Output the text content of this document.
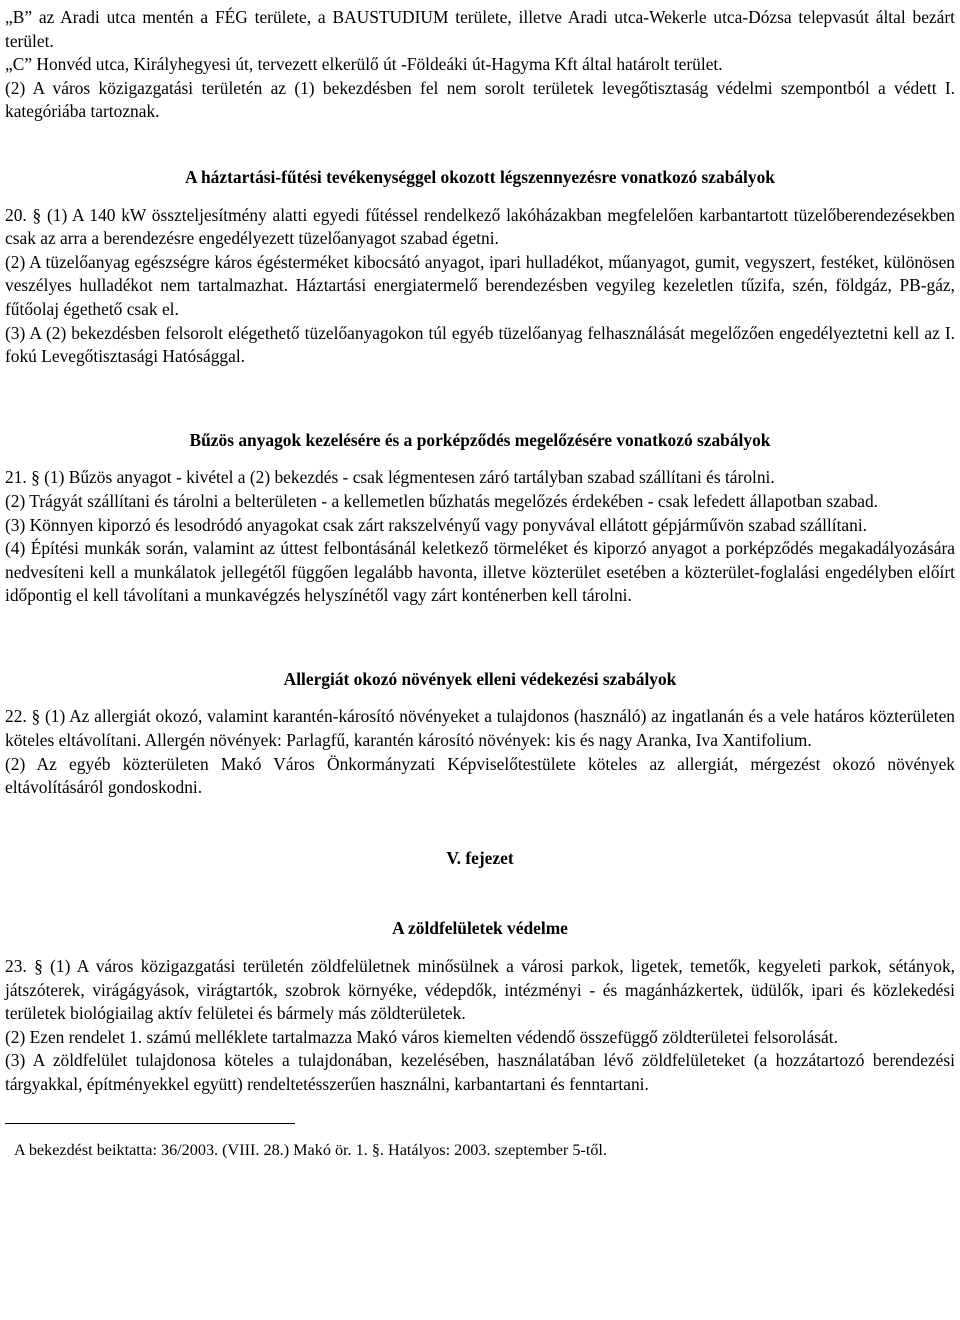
„B” az Aradi utca mentén a FÉG területe, a BAUSTUDIUM területe, illetve Aradi utca-Wekerle utca-Dózsa telepvasút által bezárt terület.

„C” Honvéd utca, Királyhegyesi út, tervezett elkerülő út -Földeáki út-Hagyma Kft által határolt terület.

(2) A város közigazgatási területén az (1) bekezdésben fel nem sorolt területek levegőtisztaság védelmi szempontból a védett I. kategóriába tartoznak.

A háztartási-fűtési tevékenységgel okozott légszennyezésre vonatkozó szabályok

20. § (1) A 140 kW összteljesítmény alatti egyedi fűtéssel rendelkező lakóházakban megfelelően karbantartott tüzelőberendezésekben csak az arra a berendezésre engedélyezett tüzelőanyagot szabad égetni.

(2) A tüzelőanyag egészségre káros égésterméket kibocsátó anyagot, ipari hulladékot, műanyagot, gumit, vegyszert, festéket, különösen veszélyes hulladékot nem tartalmazhat. Háztartási energiatermelő berendezésben vegyileg kezeletlen tűzifa, szén, földgáz, PB-gáz, fűtőolaj égethető csak el.

(3) A (2) bekezdésben felsorolt elégethető tüzelőanyagokon túl egyéb tüzelőanyag felhasználását megelőzően engedélyeztetni kell az I. fokú Levegőtisztasági Hatósággal.

Bűzös anyagok kezelésére és a porképződés megelőzésére vonatkozó szabályok

21. § (1) Bűzös anyagot - kivétel a (2) bekezdés - csak légmentesen záró tartályban szabad szállítani és tárolni.

(2) Trágyát szállítani és tárolni a belterületen - a kellemetlen bűzhatás megelőzés érdekében - csak lefedett állapotban szabad.

(3) Könnyen kiporzó és lesodródó anyagokat csak zárt rakszelvényű vagy ponyvával ellátott gépjárművön szabad szállítani.

(4) Építési munkák során, valamint az úttest felbontásánál keletkező törmeléket és kiporzó anyagot a porképződés megakadályozására nedvesíteni kell a munkálatok jellegétől függően legalább havonta, illetve közterület esetében a közterület-foglalási engedélyben előírt időpontig el kell távolítani a munkavégzés helyszínétől vagy zárt konténerben kell tárolni.

Allergiát okozó növények elleni védekezési szabályok

22. § (1) Az allergiát okozó, valamint karantén-károsító növényeket a tulajdonos (használó) az ingatlanán és a vele határos közterületen köteles eltávolítani. Allergén növények: Parlagfű, karantén károsító növények: kis és nagy Aranka, Iva Xantifolium.

(2) Az egyéb közterületen Makó Város Önkormányzati Képviselőtestülete köteles az allergiát, mérgezést okozó növények eltávolításáról gondoskodni.

V. fejezet
A zöldfelületek védelme

23. § (1) A város közigazgatási területén zöldfelületnek minősülnek a városi parkok, ligetek, temetők, kegyeleti parkok, sétányok, játszóterek, virágágyások, virágtartók, szobrok környéke, védерdők, intézményi - és magánházkertek, üdülők, ipari és közlekedési területek biológiailag aktív felületei és bármely más zöldterületek.

(2) Ezen rendelet 1. számú melléklete tartalmazza Makó város kiemelten védendő összefüggő zöldterületei felsorolását.

(3) A zöldfelület tulajdonosa köteles a tulajdonában, kezelésében, használatában lévő zöldfelületeket (a hozzátartozó berendezési tárgyakkal, építményekkel együtt) rendeltetésszerűen használni, karbantartani és fenntartani.

A bekezdést beiktatta: 36/2003. (VIII. 28.) Makó ör. 1. §. Hatályos: 2003. szeptember 5-től.
